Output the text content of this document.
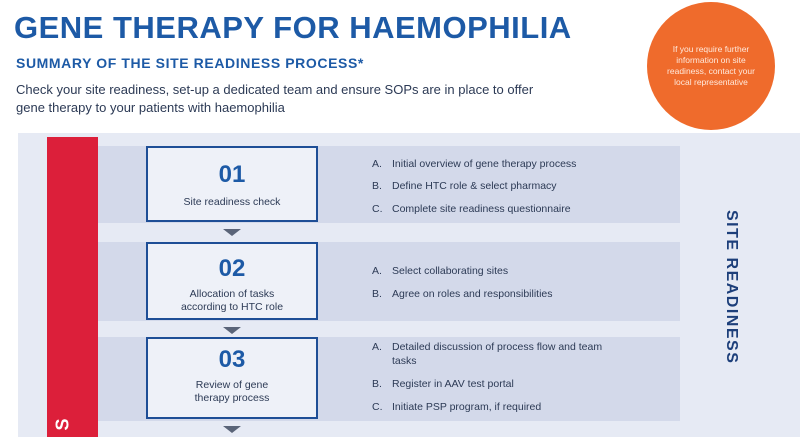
GENE THERAPY FOR HAEMOPHILIA
SUMMARY OF THE SITE READINESS PROCESS*
Check your site readiness, set-up a dedicated team and ensure SOPs are in place to offer gene therapy to your patients with haemophilia
If you require further information on site readiness, contact your local representative
S
01
Site readiness check
A. Initial overview of gene therapy process
B. Define HTC role & select pharmacy
C. Complete site readiness questionnaire
02
Allocation of tasks according to HTC role
A. Select collaborating sites
B. Agree on roles and responsibilities
03
Review of gene therapy process
A. Detailed discussion of process flow and team tasks
B. Register in AAV test portal
C. Initiate PSP program, if required
SITE READINESS
